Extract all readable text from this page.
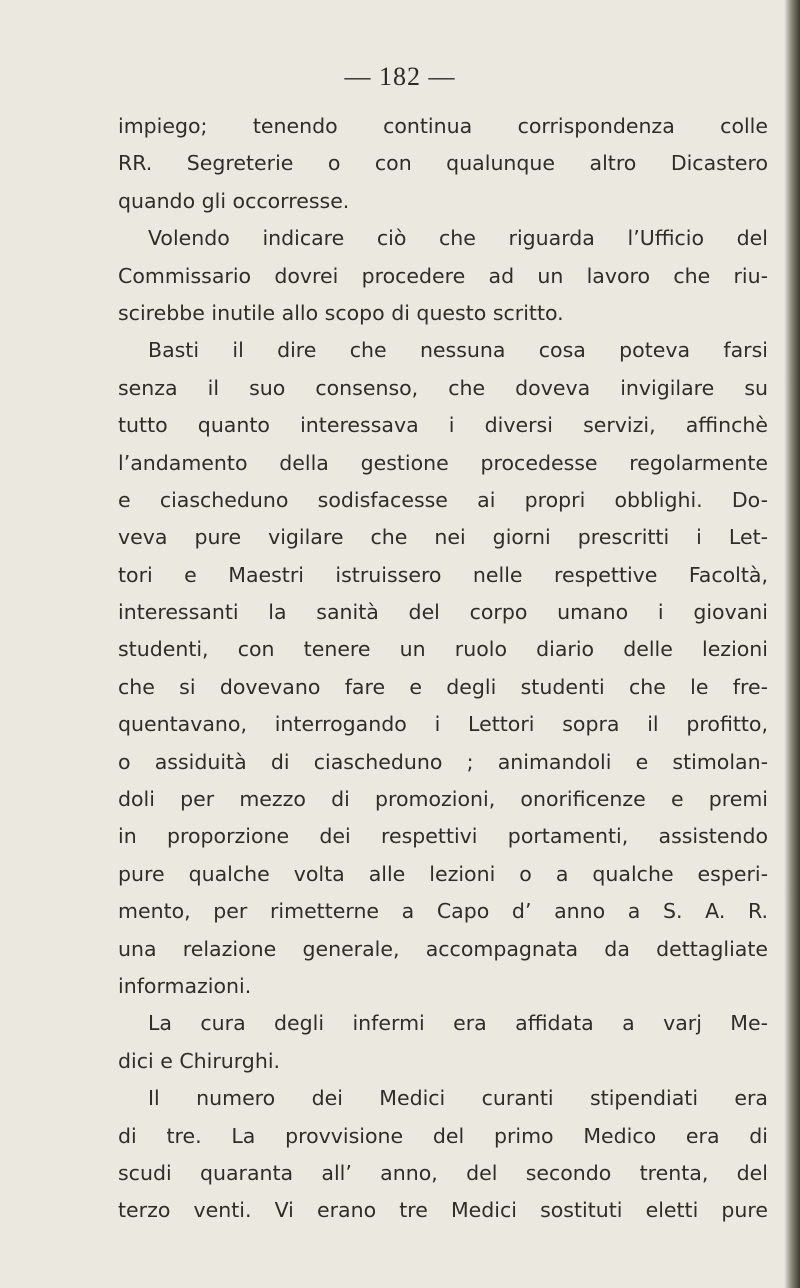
— 182 —
impiego; tenendo continua corrispondenza colle
RR. Segreterie o con qualunque altro Dicastero
quando gli occorresse.
Volendo indicare ciò che riguarda l’Ufficio del
Commissario dovrei procedere ad un lavoro che riu-
scirebbe inutile allo scopo di questo scritto.
Basti il dire che nessuna cosa poteva farsi
senza il suo consenso, che doveva invigilare su
tutto quanto interessava i diversi servizi, affinchè
l’andamento della gestione procedesse regolarmente
e ciascheduno sodisfacesse ai propri obblighi. Do-
veva pure vigilare che nei giorni prescritti i Let-
tori e Maestri istruissero nelle respettive Facoltà,
interessanti la sanità del corpo umano i giovani
studenti, con tenere un ruolo diario delle lezioni
che si dovevano fare e degli studenti che le fre-
quentavano, interrogando i Lettori sopra il profitto,
o assiduità di ciascheduno ; animandoli e stimolan-
doli per mezzo di promozioni, onorificenze e premi
in proporzione dei respettivi portamenti, assistendo
pure qualche volta alle lezioni o a qualche esperi-
mento, per rimetterne a Capo d’ anno a S. A. R.
una relazione generale, accompagnata da dettagliate
informazioni.
La cura degli infermi era affidata a varj Me-
dici e Chirurghi.
Il numero dei Medici curanti stipendiati era
di tre. La provvisione del primo Medico era di
scudi quaranta all’ anno, del secondo trenta, del
terzo venti. Vi erano tre Medici sostituti eletti pure
